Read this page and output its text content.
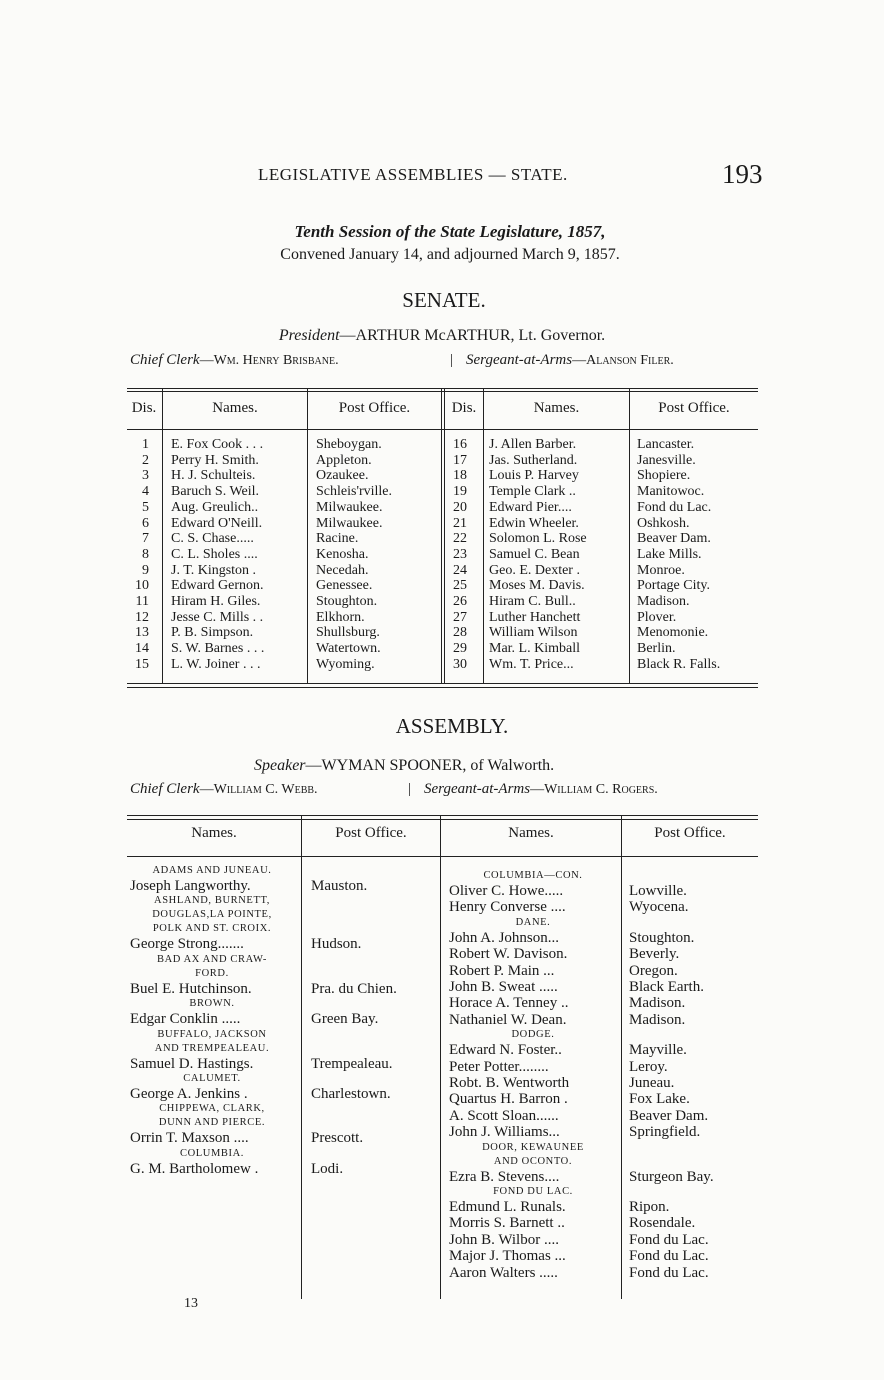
LEGISLATIVE ASSEMBLIES — STATE.	193
Tenth Session of the State Legislature, 1857,
Convened January 14, and adjourned March 9, 1857.
SENATE.
President—ARTHUR McARTHUR, Lt. Governor.
Chief Clerk—Wm. Henry Brisbane.	| Sergeant-at-Arms—Alanson Filer.
Dis.	Names.	Post Office.	Dis.	Names.	Post Office.
1 E. Fox Cook . . .	Sheboygan.	16 J. Allen Barber.	Lancaster.
2 Perry H. Smith.	Appleton.	17 Jas. Sutherland.	Janesville.
3 H. J. Schulteis.	Ozaukee.	18 Louis P. Harvey	Shopiere.
4 Baruch S. Weil.	Schleis'rville.	19 Temple Clark ..	Manitowoc.
5 Aug. Greulich..	Milwaukee.	20 Edward Pier....	Fond du Lac.
6 Edward O'Neill.	Milwaukee.	21 Edwin Wheeler.	Oshkosh.
7 C. S. Chase.....	Racine.	22 Solomon L. Rose	Beaver Dam.
8 C. L. Sholes ....	Kenosha.	23 Samuel C. Bean	Lake Mills.
9 J. T. Kingston .	Necedah.	24 Geo. E. Dexter .	Monroe.
10 Edward Gernon.	Genessee.	25 Moses M. Davis.	Portage City.
11 Hiram H. Giles.	Stoughton.	26 Hiram C. Bull..	Madison.
12 Jesse C. Mills . .	Elkhorn.	27 Luther Hanchett	Plover.
13 P. B. Simpson.	Shullsburg.	28 William Wilson	Menomonie.
14 S. W. Barnes . . .	Watertown.	29 Mar. L. Kimball	Berlin.
15 L. W. Joiner . . .	Wyoming.	30 Wm. T. Price...	Black R. Falls.
ASSEMBLY.
Speaker—WYMAN SPOONER, of Walworth.
Chief Clerk—William C. Webb.	| Sergeant-at-Arms—William C. Rogers.
Names.	Post Office.	Names.	Post Office.
ADAMS AND JUNEAU.
Joseph Langworthy.	Mauston.
ASHLAND, BURNETT,
DOUGLAS,LA POINTE,
POLK AND ST. CROIX.
George Strong.......	Hudson.
BAD AX AND CRAW-
FORD.
Buel E. Hutchinson.	Pra. du Chien.
BROWN.
Edgar Conklin .....	Green Bay.
BUFFALO, JACKSON
AND TREMPEALEAU.
Samuel D. Hastings.	Trempealeau.
CALUMET.
George A. Jenkins .	Charlestown.
CHIPPEWA, CLARK,
DUNN AND PIERCE.
Orrin T. Maxson ....	Prescott.
COLUMBIA.
G. M. Bartholomew .	Lodi.
COLUMBIA—CON.
Oliver C. Howe.....	Lowville.
Henry Converse ....	Wyocena.
DANE.
John A. Johnson...	Stoughton.
Robert W. Davison.	Beverly.
Robert P. Main ...	Oregon.
John B. Sweat .....	Black Earth.
Horace A. Tenney ..	Madison.
Nathaniel W. Dean.	Madison.
DODGE.
Edward N. Foster..	Mayville.
Peter Potter........	Leroy.
Robt. B. Wentworth	Juneau.
Quartus H. Barron .	Fox Lake.
A. Scott Sloan......	Beaver Dam.
John J. Williams...	Springfield.
DOOR, KEWAUNEE
AND OCONTO.
Ezra B. Stevens....	Sturgeon Bay.
FOND DU LAC.
Edmund L. Runals.	Ripon.
Morris S. Barnett ..	Rosendale.
John B. Wilbor ....	Fond du Lac.
Major J. Thomas ...	Fond du Lac.
Aaron Walters .....	Fond du Lac.
13
